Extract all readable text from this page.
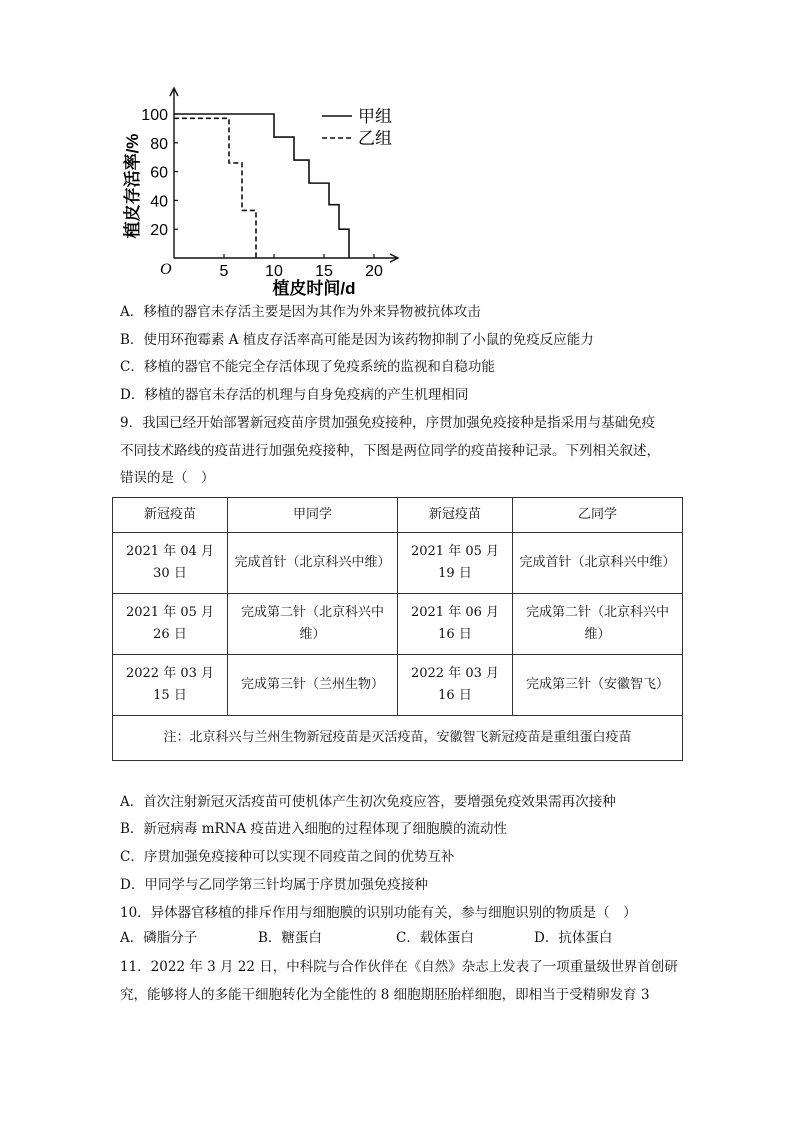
20
40
60
80
100
5 10 15 20
甲组
乙组
植皮存活率/%
植皮时间/d
O
A．移植的器官未存活主要是因为其作为外来异物被抗体攻击
B．使用环孢霉素 A 植皮存活率高可能是因为该药物抑制了小鼠的免疫反应能力
C．移植的器官不能完全存活体现了免疫系统的监视和自稳功能
D．移植的器官未存活的机理与自身免疫病的产生机理相同
9．我国已经开始部署新冠疫苗序贯加强免疫接种，序贯加强免疫接种是指采用与基础免疫
不同技术路线的疫苗进行加强免疫接种，下图是两位同学的疫苗接种记录。下列相关叙述，
错误的是（　）
新冠疫苗	甲同学	新冠疫苗	乙同学
2021 年 04 月 30 日	完成首针（北京科兴中维）	2021 年 05 月 19 日	完成首针（北京科兴中维）
2021 年 05 月 26 日	完成第二针（北京科兴中维）	2021 年 06 月 16 日	完成第二针（北京科兴中维）
2022 年 03 月 15 日	完成第三针（兰州生物）	2022 年 03 月 16 日	完成第三针（安徽智飞）
注：北京科兴与兰州生物新冠疫苗是灭活疫苗，安徽智飞新冠疫苗是重组蛋白疫苗			
A．首次注射新冠灭活疫苗可使机体产生初次免疫应答，要增强免疫效果需再次接种
B．新冠病毒 mRNA 疫苗进入细胞的过程体现了细胞膜的流动性
C．序贯加强免疫接种可以实现不同疫苗之间的优势互补
D．甲同学与乙同学第三针均属于序贯加强免疫接种
10．异体器官移植的排斥作用与细胞膜的识别功能有关，参与细胞识别的物质是（　）
A．磷脂分子	B．糖蛋白	C．载体蛋白	D．抗体蛋白
11．2022 年 3 月 22 日，中科院与合作伙伴在《自然》杂志上发表了一项重量级世界首创研
究，能够将人的多能干细胞转化为全能性的 8 细胞期胚胎样细胞，即相当于受精卵发育 3
